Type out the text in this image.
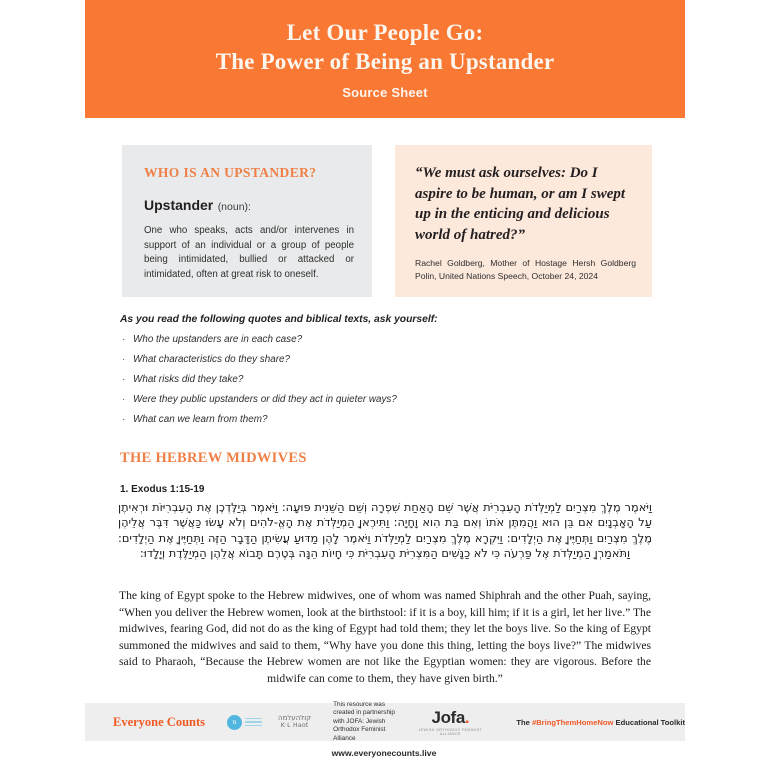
Let Our People Go:
The Power of Being an Upstander
Source Sheet
WHO IS AN UPSTANDER?
Upstander (noun):
One who speaks, acts and/or intervenes in support of an individual or a group of people being intimidated, bullied or attacked or intimidated, often at great risk to oneself.
“We must ask ourselves: Do I aspire to be human, or am I swept up in the enticing and delicious world of hatred?”
Rachel Goldberg, Mother of Hostage Hersh Goldberg Polin, United Nations Speech, October 24, 2024
As you read the following quotes and biblical texts, ask yourself:
· Who the upstanders are in each case?
· What characteristics do they share?
· What risks did they take?
· Were they public upstanders or did they act in quieter ways?
· What can we learn from them?
THE HEBREW MIDWIVES
1. Exodus 1:15-19
וַיֹּאמֶר מֶלֶךְ מִצְרַיִם לַמְיַלְּדֹת הָעִבְרִיֹּת אֲשֶׁר שֵׁם הָאַחַת שִׁפְרָה וְשֵׁם הַשֵּׁנִית פּוּעָה: וַיֹּאמֶר בְּיַלֶּדְכֶן אֶת הָעִבְרִיּוֹת וּרְאִיתֶן עַל הָאָבְנָיִם אִם בֵּן הוּא וַהֲמִתֶּן אֹתוֹ וְאִם בַּת הִוא וָחָיָה: וַתִּירֶאןָ הַמְיַלְּדֹת אֶת הָאֱ-לֹהִים וְלֹא עָשׂוּ כַּאֲשֶׁר דִּבֶּר אֲלֵיהֶן מֶלֶךְ מִצְרַיִם וַתְּחַיֶּיןָ אֶת הַיְלָדִים: וַיִּקְרָא מֶלֶךְ מִצְרַיִם לַמְיַלְּדֹת וַיֹּאמֶר לָהֶן מַדּוּעַ עֲשִׂיתֶן הַדָּבָר הַזֶּה וַתְּחַיֶּיןָ אֶת הַיְלָדִים: וַתֹּאמַרְןָ הַמְיַלְּדֹת אֶל פַּרְעֹה כִּי לֹא כַנָּשִׁים הַמִּצְרִיֹּת הָעִבְרִיֹּת כִּי חָיוֹת הֵנָּה בְּטֶרֶם תָּבוֹא אֲלֵהֶן הַמְיַלֶּדֶת וְיָלָדוּ:
The king of Egypt spoke to the Hebrew midwives, one of whom was named Shiphrah and the other Puah, saying, “When you deliver the Hebrew women, look at the birthstool: if it is a boy, kill him; if it is a girl, let her live.” The midwives, fearing God, did not do as the king of Egypt had told them; they let the boys live. So the king of Egypt summoned the midwives and said to them, “Why have you done this thing, letting the boys live?” The midwives said to Pharaoh, “Because the Hebrew women are not like the Egyptian women: they are vigorous. Before the midwife can come to them, they have given birth.”
Everyone Counts	מ	קולהעלמה
K·L Haot
This resource was created in partnership with JOFA: Jewish Orthodox Feminist Alliance
Jofa.
JEWISH ORTHODOX FEMINIST ALLIANCE
The #BringThemHomeNow Educational Toolkit
www.everyonecounts.live
